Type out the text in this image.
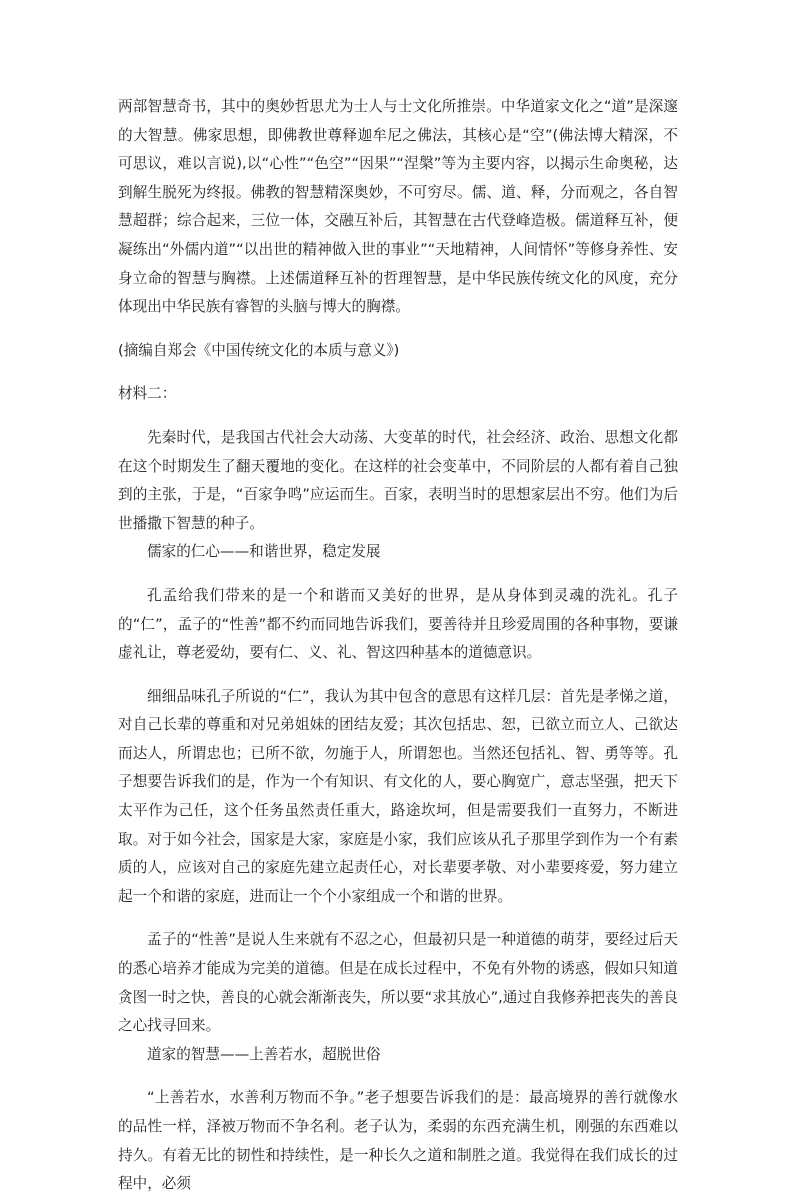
两部智慧奇书，其中的奥妙哲思尤为士人与士文化所推崇。中华道家文化之“道”是深邃的大智慧。佛家思想，即佛教世尊释迦牟尼之佛法，其核心是“空”(佛法博大精深，不可思议，难以言说),以“心性”“色空”“因果”“涅槃”等为主要内容，以揭示生命奥秘，达到解生脱死为终报。佛教的智慧精深奥妙，不可穷尽。儒、道、释，分而观之，各自智慧超群；综合起来，三位一体，交融互补后，其智慧在古代登峰造极。儒道释互补，便凝练出“外儒内道”“以出世的精神做入世的事业”“天地精神，人间情怀”等修身养性、安身立命的智慧与胸襟。上述儒道释互补的哲理智慧，是中华民族传统文化的风度，充分体现出中华民族有睿智的头脑与博大的胸襟。

(摘编自郑会《中国传统文化的本质与意义》)

材料二：

先秦时代，是我国古代社会大动荡、大变革的时代，社会经济、政治、思想文化都在这个时期发生了翻天覆地的变化。在这样的社会变革中，不同阶层的人都有着自己独到的主张，于是，“百家争鸣”应运而生。百家，表明当时的思想家层出不穷。他们为后世播撒下智慧的种子。

儒家的仁心——和谐世界，稳定发展

孔孟给我们带来的是一个和谐而又美好的世界，是从身体到灵魂的洗礼。孔子的“仁”，孟子的“性善”都不约而同地告诉我们，要善待并且珍爱周围的各种事物，要谦虚礼让，尊老爱幼，要有仁、义、礼、智这四种基本的道德意识。

细细品味孔子所说的“仁”，我认为其中包含的意思有这样几层：首先是孝悌之道，对自己长辈的尊重和对兄弟姐妹的团结友爱；其次包括忠、恕，已欲立而立人、己欲达而达人，所谓忠也；已所不欲，勿施于人，所谓恕也。当然还包括礼、智、勇等等。孔子想要告诉我们的是，作为一个有知识、有文化的人，要心胸宽广，意志坚强，把天下太平作为己任，这个任务虽然责任重大，路途坎坷，但是需要我们一直努力，不断进取。对于如今社会，国家是大家，家庭是小家，我们应该从孔子那里学到作为一个有素质的人，应该对自己的家庭先建立起责任心，对长辈要孝敬、对小辈要疼爱，努力建立起一个和谐的家庭，进而让一个个小家组成一个和谐的世界。

孟子的“性善”是说人生来就有不忍之心，但最初只是一种道德的萌芽，要经过后天的悉心培养才能成为完美的道德。但是在成长过程中，不免有外物的诱惑，假如只知道贪图一时之快，善良的心就会渐渐丧失，所以要“求其放心”,通过自我修养把丧失的善良之心找寻回来。

道家的智慧——上善若水，超脱世俗

“上善若水，水善利万物而不争。”老子想要告诉我们的是：最高境界的善行就像水的品性一样，泽被万物而不争名利。老子认为，柔弱的东西充满生机，刚强的东西难以持久。有着无比的韧性和持续性，是一种长久之道和制胜之道。我觉得在我们成长的过程中，必须
